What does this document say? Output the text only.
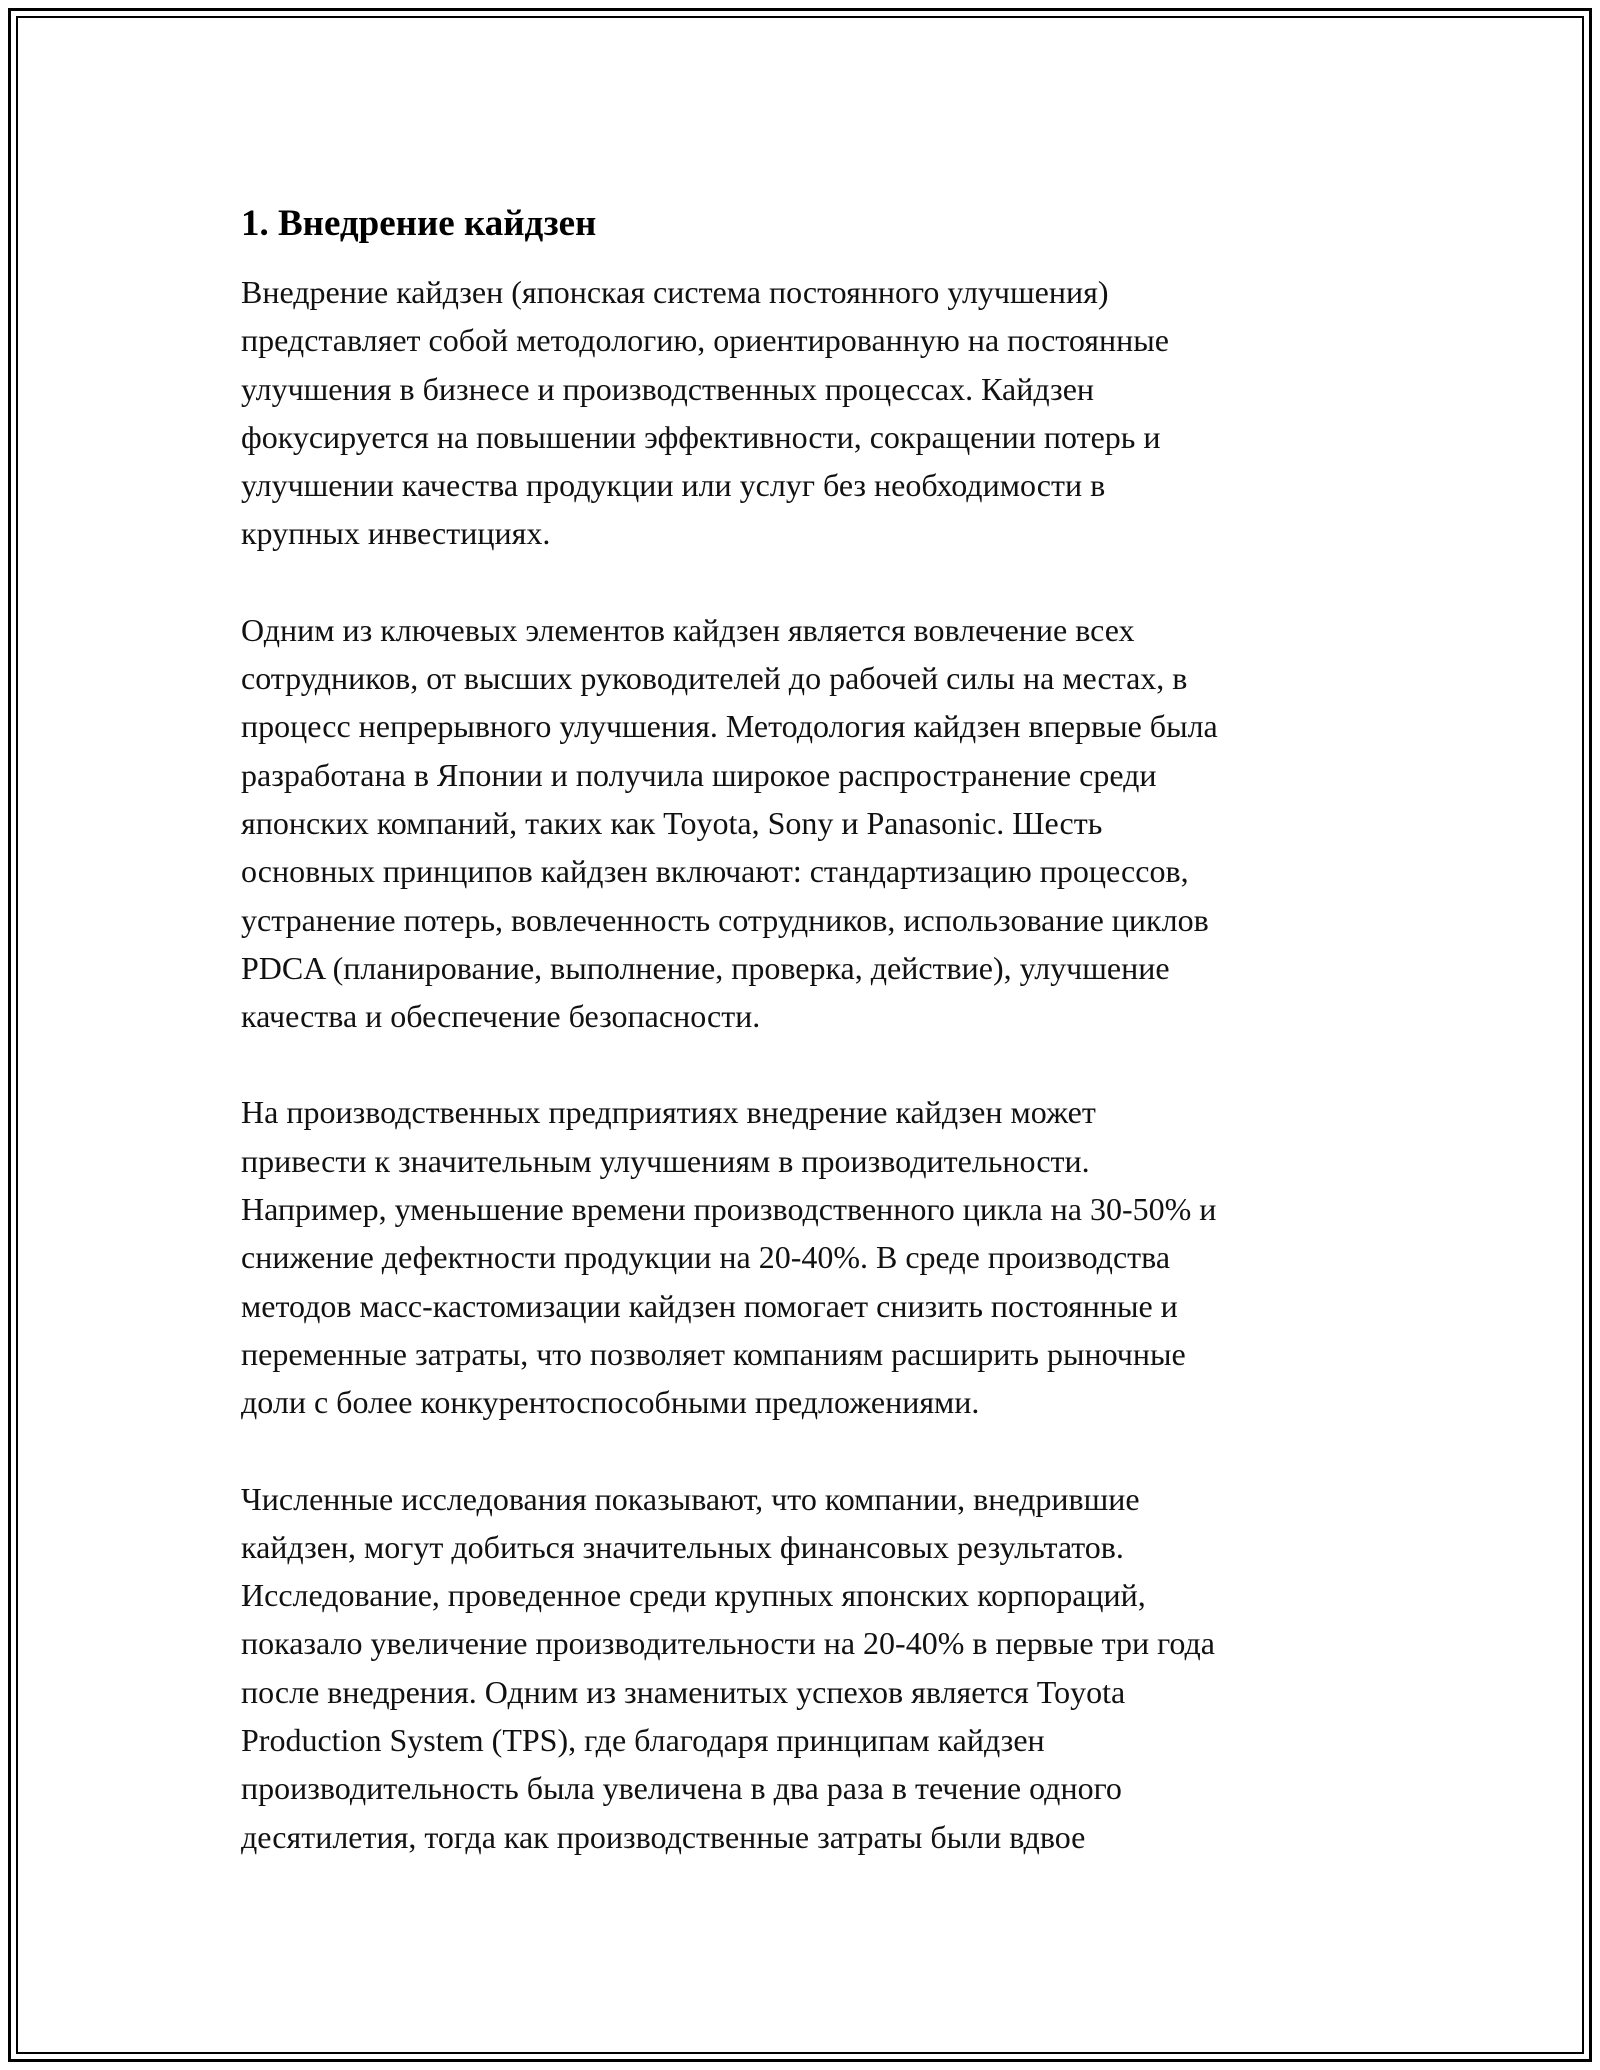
1. Внедрение кайдзен

Внедрение кайдзен (японская система постоянного улучшения)
представляет собой методологию, ориентированную на постоянные
улучшения в бизнесе и производственных процессах. Кайдзен
фокусируется на повышении эффективности, сокращении потерь и
улучшении качества продукции или услуг без необходимости в
крупных инвестициях.

Одним из ключевых элементов кайдзен является вовлечение всех
сотрудников, от высших руководителей до рабочей силы на местах, в
процесс непрерывного улучшения. Методология кайдзен впервые была
разработана в Японии и получила широкое распространение среди
японских компаний, таких как Toyota, Sony и Panasonic. Шесть
основных принципов кайдзен включают: стандартизацию процессов,
устранение потерь, вовлеченность сотрудников, использование циклов
PDCA (планирование, выполнение, проверка, действие), улучшение
качества и обеспечение безопасности.

На производственных предприятиях внедрение кайдзен может
привести к значительным улучшениям в производительности.
Например, уменьшение времени производственного цикла на 30-50% и
снижение дефектности продукции на 20-40%. В среде производства
методов масс-кастомизации кайдзен помогает снизить постоянные и
переменные затраты, что позволяет компаниям расширить рыночные
доли с более конкурентоспособными предложениями.

Численные исследования показывают, что компании, внедрившие
кайдзен, могут добиться значительных финансовых результатов.
Исследование, проведенное среди крупных японских корпораций,
показало увеличение производительности на 20-40% в первые три года
после внедрения. Одним из знаменитых успехов является Toyota
Production System (TPS), где благодаря принципам кайдзен
производительность была увеличена в два раза в течение одного
десятилетия, тогда как производственные затраты были вдвое
